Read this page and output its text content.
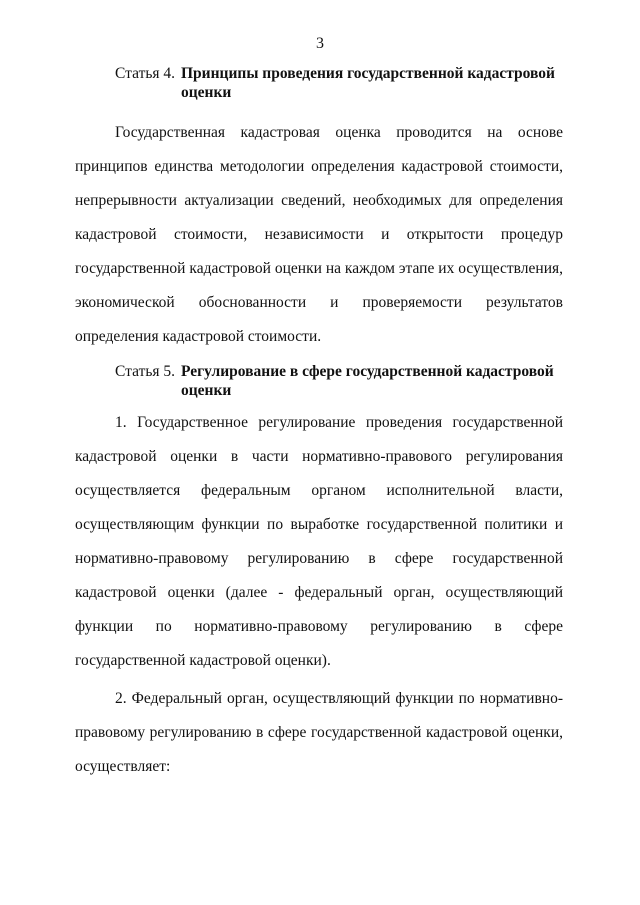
3
Статья 4. Принципы проведения государственной кадастровой
оценки

Государственная кадастровая оценка проводится на основе принципов единства методологии определения кадастровой стоимости, непрерывности актуализации сведений, необходимых для определения кадастровой стоимости, независимости и открытости процедур государственной кадастровой оценки на каждом этапе их осуществления, экономической обоснованности и проверяемости результатов определения кадастровой стоимости.

Статья 5. Регулирование в сфере государственной кадастровой
оценки

1. Государственное регулирование проведения государственной кадастровой оценки в части нормативно-правового регулирования осуществляется федеральным органом исполнительной власти, осуществляющим функции по выработке государственной политики и нормативно-правовому регулированию в сфере государственной кадастровой оценки (далее - федеральный орган, осуществляющий функции по нормативно-правовому регулированию в сфере государственной кадастровой оценки).

2. Федеральный орган, осуществляющий функции по нормативно-правовому регулированию в сфере государственной кадастровой оценки, осуществляет:
